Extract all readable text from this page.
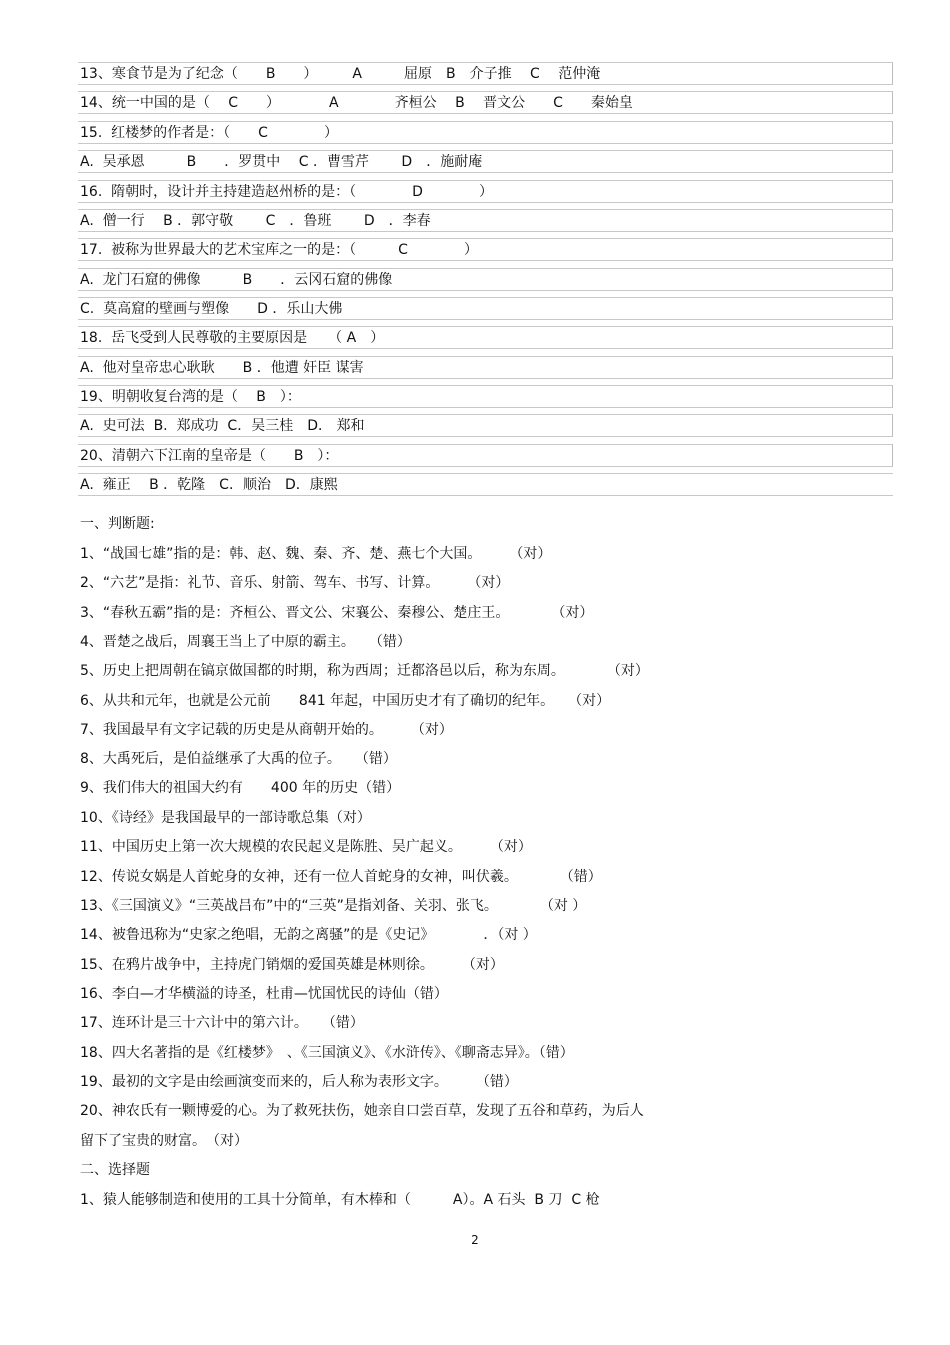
13、寒食节是为了纪念（　　B　　）　　　A　　　屈原　B　介子推　 C　 范仲淹
14、统一中国的是（　 C　　）　　　　A　　　　齐桓公　 B　 晋文公　　C　　秦始皇
15.  红楼梦的作者是：（　　C　　　　）
A.  吴承恩　　　B　　．罗贯中　 C ．曹雪芹　　 D　．施耐庵
16.  隋朝时，设计并主持建造赵州桥的是：（　　　　D　　　　）
A.  僧一行　 B ．郭守敬　　 C　．鲁班　　 D　．李春
17.  被称为世界最大的艺术宝库之一的是：（　　　C　　　　）
A.  龙门石窟的佛像　　　B　　．云冈石窟的佛像
C.  莫高窟的壁画与塑像　　D ．乐山大佛
18.  岳飞受到人民尊敬的主要原因是　　（ A　）
A.  他对皇帝忠心耿耿　　B ．他遭 奸臣 谋害
19、明朝收复台湾的是（　 B　）：
A.  史可法  B.  郑成功  C．吴三桂　D． 郑和
20、清朝六下江南的皇帝是（　　B　）：
A.  雍正　 B ．乾隆　C．顺治　D．康熙
一、判断题:
1、“战国七雄”指的是：韩、赵、魏、秦、齐、楚、燕七个大国。　　　（对）
2、“六艺”是指：礼节、音乐、射箭、驾车、书写、计算。　　　（对）
3、“春秋五霸”指的是：齐桓公、晋文公、宋襄公、秦穆公、楚庄王。　　　　（对）
4、晋楚之战后，周襄王当上了中原的霸主。　　（错）
5、历史上把周朝在镐京做国都的时期，称为西周；迁都洛邑以后，称为东周。　　　　（对）
6、从共和元年，也就是公元前　　841 年起，中国历史才有了确切的纪年。　　（对）
7、我国最早有文字记载的历史是从商朝开始的。　　　（对）
8、大禹死后，是伯益继承了大禹的位子。　　（错）
9、我们伟大的祖国大约有　　400 年的历史（错）
10、《诗经》是我国最早的一部诗歌总集（对）
11、中国历史上第一次大规模的农民起义是陈胜、吴广起义。　　　（对）
12、传说女娲是人首蛇身的女神，还有一位人首蛇身的女神，叫伏羲。　　　　（错）
13、《三国演义》“三英战吕布”中的“三英”是指刘备、关羽、张飞。　　　　（对 ）
14、被鲁迅称为“史家之绝唱，无韵之离骚”的是《史记》　　　　．（对 ）
15、在鸦片战争中，主持虎门销烟的爱国英雄是林则徐。　　　（对）
16、李白—才华横溢的诗圣，杜甫—忧国忧民的诗仙（错）
17、连环计是三十六计中的第六计。　　（错）
18、四大名著指的是《红楼梦》　、《三国演义》、《水浒传》、《聊斋志异》。（错）
19、最初的文字是由绘画演变而来的，后人称为表形文字。　　　（错）
20、神农氏有一颗博爱的心。为了救死扶伤，她亲自口尝百草，发现了五谷和草药，为后人
留下了宝贵的财富。　（对）
二、选择题
1、猿人能够制造和使用的工具十分简单，有木棒和（　　　A）。A 石头  B 刀  C 枪
2
